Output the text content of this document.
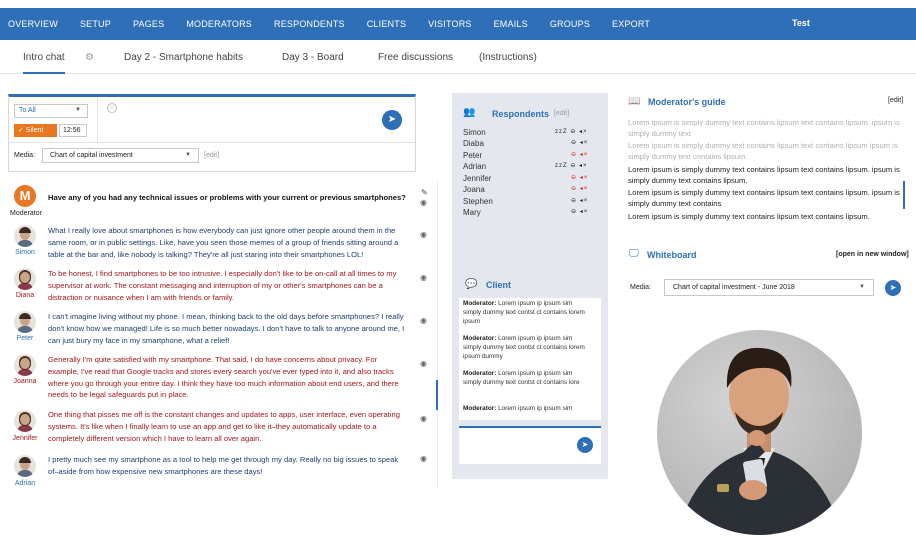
OVERVIEW SETUP PAGES MODERATORS RESPONDENTS CLIENTS VISITORS EMAILS GROUPS EXPORT	Test
Intro chat ⚙	Day 2 - Smartphone habits	Day 3 - Board	Free discussions	(Instructions)
To All	▼
✓ Silent	12:56
☺
➤
Media:	Chart of capital investment	▼ [edit]
M
Moderator
Have any of you had any technical issues or problems with your current or previous smartphones?
✎
◉
Simon
What I really love about smartphones is how everybody can just ignore other people around them in the same room, or in public settings. Like, have you seen those memes of a group of friends sitting around a table at the bar and, like nobody is talking? They're all just staring into their smartphones LOL!
◉
Diana
To be honest, I find smartphones to be too intrusive. I especially don't like to be on-call at all times to my supervisor at work. The constant messaging and interruption of my or other's smartphones can be a distraction or nuisance when I am with friends or family.
◉
Peter
I can't imagine living without my phone. I mean, thinking back to the old days before smartphones? I really don't know how we managed! Life is so much better nowadays. I don't have to talk to anyone around me, I can just bury my face in my smartphone, what a relief!
◉
Joanna
Generally I'm quite satisfied with my smartphone. That said, I do have concerns about privacy. For example, I've read that Google tracks and stores every search you've ever typed into it, and also tracks where you go through your entire day. I think they have too much information about end users, and there needs to be legal safeguards put in place.
◉
Jennifer
One thing that pisses me off is the constant changes and updates to apps, user interface, even operating systems. It's like when I finally learn to use an app and get to like it–they automatically update to a completely different version which I have to learn all over again.
◉
Adrian
I pretty much see my smartphone as a tool to help me get through my day. Really no big issues to speak of–aside from how expensive new smartphones are these days!
◉
👥 Respondents [edit]
Simon	zzZ ⊖ ◂×
Diaba	⊖ ◂×
Peter	⊖ ◂×
Adrian	zzZ ⊖ ◂×
Jennifer	⊖ ◂×
Joana	⊖ ◂×
Stephen	⊖ ◂×
Mary	⊖ ◂×
💬 Client
Moderator: Lorem ipsum ip ipsum sim simply dummy text contst ct contains lorem ipsum
Moderator: Lorem ipsum ip ipsum sim simply dummy text contst ct contains lorem ipsum dummy
Moderator: Lorem ipsum ip ipsum sim simply dummy text contst ct contains lore
Moderator: Lorem ipsum ip ipsum sim
➤
📖 Moderator's guide	[edit]
Lorem ipsum is simply dummy text contains lipsum text contains lipsum. ipsum is simply dummy text
Lorem ipsum is simply dummy text contains lipsum text contains lipsum ipsum is simply dummy text contains lipsum.
Lorem ipsum is simply dummy text contains lipsum text contains lipsum. ipsum is simply dummy text contains lipsum.
Lorem ipsum is simply dummy text contains lipsum text contains lipsum. ipsum is simply dummy text contains
Lorem ipsum is simply dummy text contains lipsum text contains lipsum.
🖵 Whiteboard	[open in new window]
Media:	Chart of capital investment - June 2018	▼	➤
